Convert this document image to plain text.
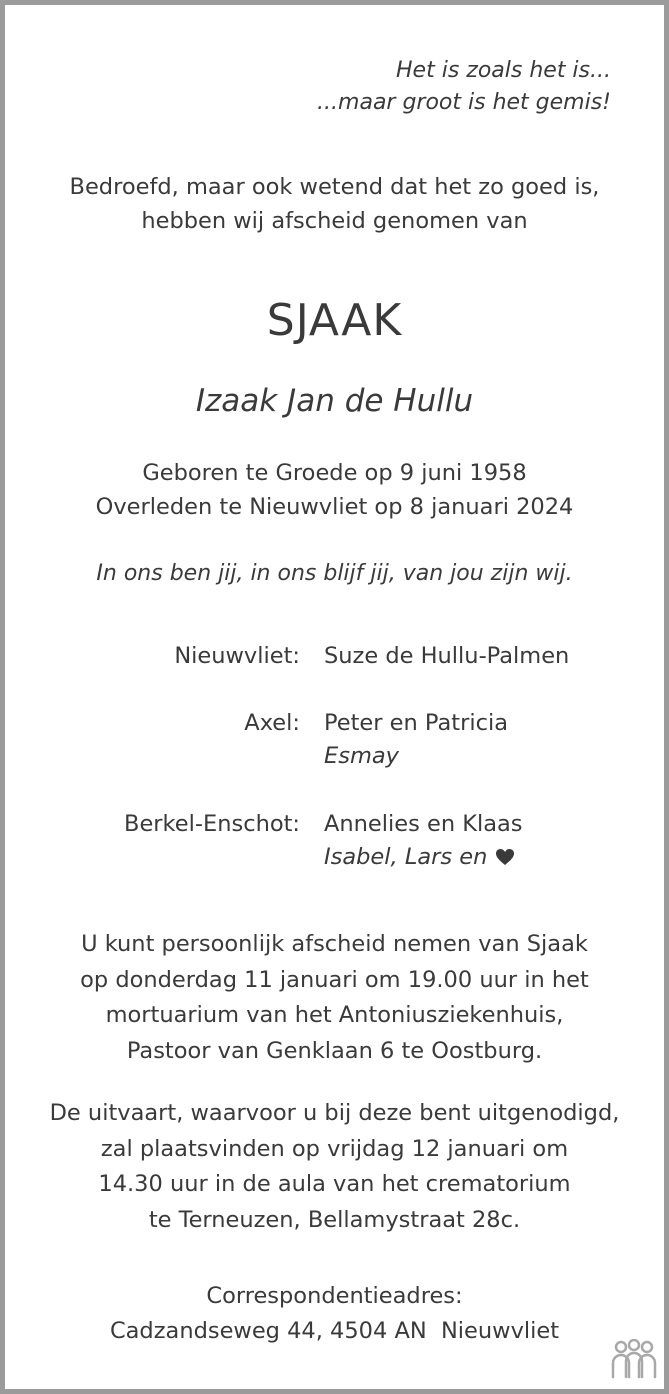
Het is zoals het is...
...maar groot is het gemis!
Bedroefd, maar ook wetend dat het zo goed is,
hebben wij afscheid genomen van
SJAAK
Izaak Jan de Hullu
Geboren te Groede op 9 juni 1958
Overleden te Nieuwvliet op 8 januari 2024
In ons ben jij, in ons blijf jij, van jou zijn wij.
Nieuwvliet: Suze de Hullu-Palmen
Axel: Peter en Patricia
Esmay
Berkel-Enschot: Annelies en Klaas
Isabel, Lars en
U kunt persoonlijk afscheid nemen van Sjaak
op donderdag 11 januari om 19.00 uur in het
mortuarium van het Antoniusziekenhuis,
Pastoor van Genklaan 6 te Oostburg.
De uitvaart, waarvoor u bij deze bent uitgenodigd,
zal plaatsvinden op vrijdag 12 januari om
14.30 uur in de aula van het crematorium
te Terneuzen, Bellamystraat 28c.
Correspondentieadres:
Cadzandseweg 44, 4504 AN  Nieuwvliet
